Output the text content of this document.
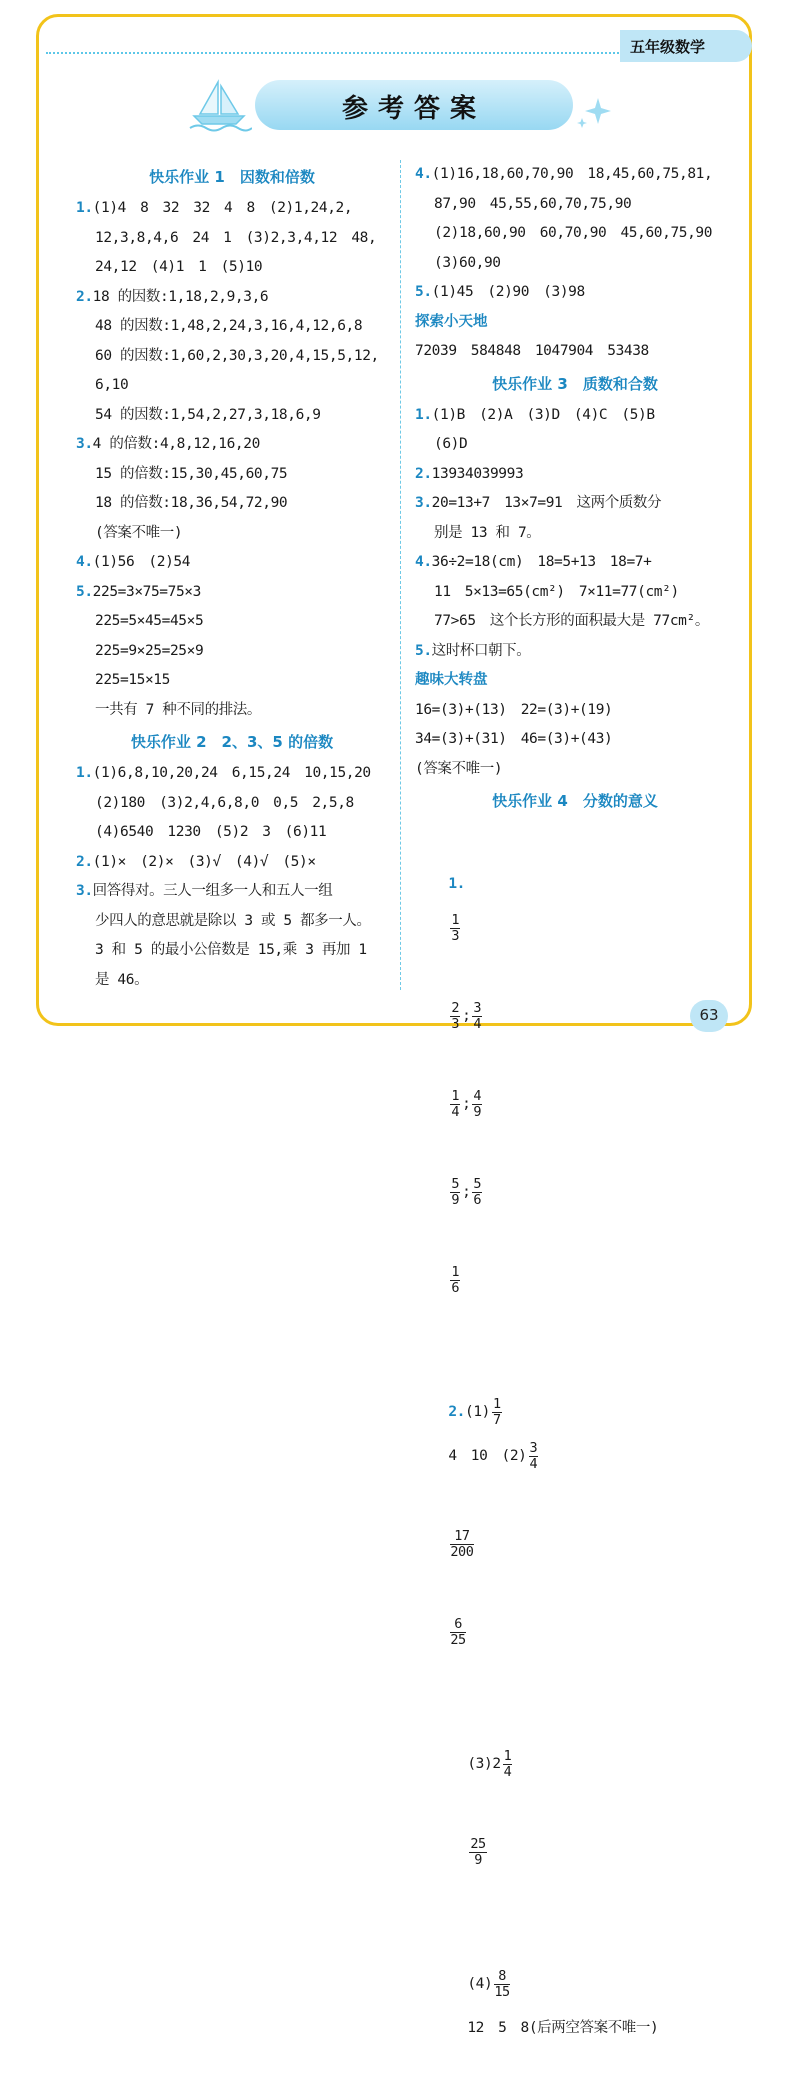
五年级数学
参考答案
快乐作业 1　因数和倍数
1.(1)4　8　32　32　4　8　(2)1,24,2,
12,3,8,4,6　24　1　(3)2,3,4,12　48,
24,12　(4)1　1　(5)10
2.18 的因数:1,18,2,9,3,6
48 的因数:1,48,2,24,3,16,4,12,6,8
60 的因数:1,60,2,30,3,20,4,15,5,12,
6,10
54 的因数:1,54,2,27,3,18,6,9
3.4 的倍数:4,8,12,16,20
15 的倍数:15,30,45,60,75
18 的倍数:18,36,54,72,90
(答案不唯一)
4.(1)56　(2)54
5.225=3×75=75×3
225=5×45=45×5
225=9×25=25×9
225=15×15
一共有 7 种不同的排法。
快乐作业 2　2、3、5 的倍数
1.(1)6,8,10,20,24　6,15,24　10,15,20
(2)180　(3)2,4,6,8,0　0,5　2,5,8
(4)6540　1230　(5)2　3　(6)11
2.(1)×　(2)×　(3)√　(4)√　(5)×
3.回答得对。三人一组多一人和五人一组
少四人的意思就是除以 3 或 5 都多一人。
3 和 5 的最小公倍数是 15,乘 3 再加 1
是 46。
4.(1)16,18,60,70,90　18,45,60,75,81,
87,90　45,55,60,70,75,90
(2)18,60,90　60,70,90　45,60,75,90
(3)60,90
5.(1)45　(2)90　(3)98
探索小天地
72039　584848　1047904　53438
快乐作业 3　质数和合数
1.(1)B　(2)A　(3)D　(4)C　(5)B
(6)D
2.13934039993
3.20=13+7　13×7=91　这两个质数分
别是 13 和 7。
4.36÷2=18(cm)　18=5+13　18=7+
11　5×13=65(cm²)　7×11=77(cm²)
77>65　这个长方形的面积最大是 77cm²。
5.这时杯口朝下。
趣味大转盘
16=(3)+(13)　22=(3)+(19)
34=(3)+(31)　46=(3)+(43)
(答案不唯一)
快乐作业 4　分数的意义

1.

$\frac{1}{3}$

$\frac{2}{3}$ ; $\frac{3}{4}$

$\frac{1}{4}$ ; $\frac{4}{9}$

$\frac{5}{9}$ ; $\frac{5}{6}$

$\frac{1}{6}$

$2.(1) \frac{1}{7}$

4　10　$(2) \frac{3}{4}$

$\frac{17}{200}$

$\frac{6}{25}$

$(3)2 \frac{1}{4}$

$\frac{25}{9}$

$(4) \frac{8}{15}$

12　5　8(后两空答案不唯一)

63
